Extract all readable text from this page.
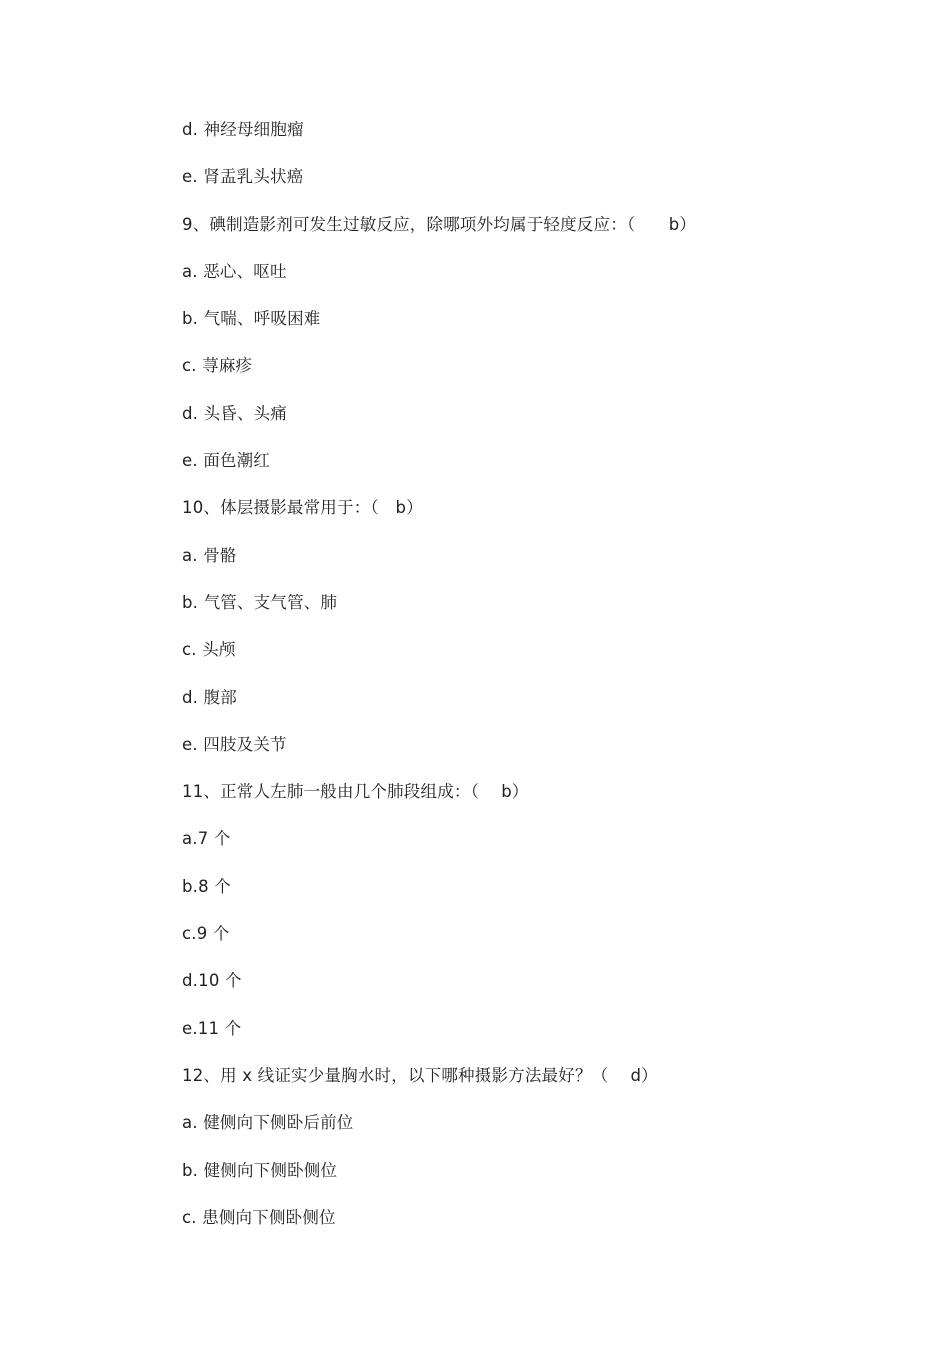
d. 神经母细胞瘤
e. 肾盂乳头状癌
9、碘制造影剂可发生过敏反应，除哪项外均属于轻度反应：（　　b）
a. 恶心、呕吐
b. 气喘、呼吸困难
c. 荨麻疹
d. 头昏、头痛
e. 面色潮红
10、体层摄影最常用于：（　b）
a. 骨骼
b. 气管、支气管、肺
c. 头颅
d. 腹部
e. 四肢及关节
11、正常人左肺一般由几个肺段组成：（　 b）
a.7 个
b.8 个
c.9 个
d.10 个
e.11 个
12、用 x 线证实少量胸水时，以下哪种摄影方法最好？（　 d）
a. 健侧向下侧卧后前位
b. 健侧向下侧卧侧位
c. 患侧向下侧卧侧位
